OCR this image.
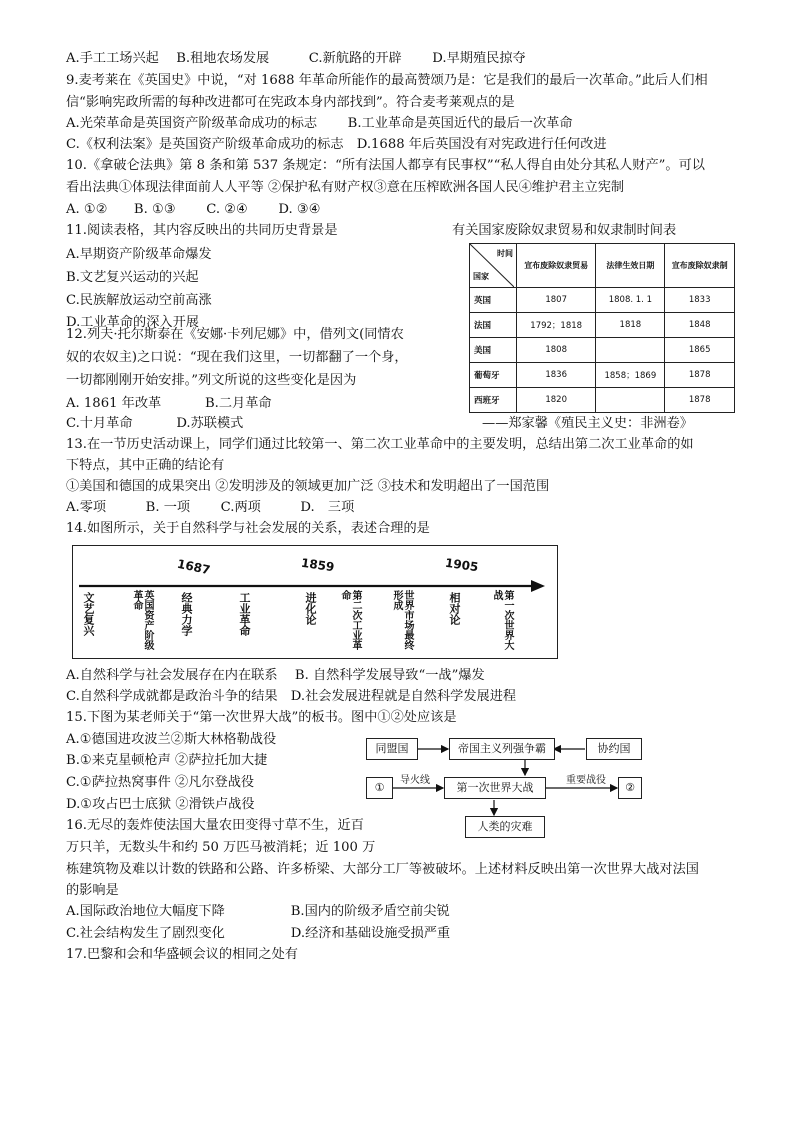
A.手工工场兴起　 B.租地农场发展　　　C.新航路的开辟　　 D.早期殖民掠夺
9.麦考莱在《英国史》中说，“对 1688 年革命所能作的最高赞颂乃是：它是我们的最后一次革命。”此后人们相
信“影响宪政所需的每种改进都可在宪政本身内部找到”。符合麦考莱观点的是
A.光荣革命是英国资产阶级革命成功的标志　　 B.工业革命是英国近代的最后一次革命
C.《权利法案》是英国资产阶级革命成功的标志　D.1688 年后英国没有对宪政进行任何改进
10.《拿破仑法典》第 8 条和第 537 条规定：“所有法国人都享有民事权”“私人得自由处分其私人财产”。可以
看出法典①体现法律面前人人平等 ②保护私有财产权③意在压榨欧洲各国人民④维护君主立宪制
A. ①②　　B. ①③　　 C. ②④　　 D. ③④
11.阅读表格，其内容反映出的共同历史背景是	有关国家废除奴隶贸易和奴隶制时间表
A.早期资产阶级革命爆发
B.文艺复兴运动的兴起
C.民族解放运动空前高涨
D.工业革命的深入开展
12.列夫·托尔斯泰在《安娜·卡列尼娜》中，借列文(同情农
奴的农奴主)之口说：“现在我们这里，一切都翻了一个身，
一切都刚刚开始安排。”列文所说的这些变化是因为
A. 1861 年改革　　　 B.二月革命
C.十月革命　　　 D.苏联模式	——郑家馨《殖民主义史：非洲卷》
时间
国家	宣布废除奴隶贸易	法律生效日期	宣布废除奴隶制
英国	1807	1808. 1. 1	1833
法国	1792；1818	1818	1848
美国	1808		1865
葡萄牙	1836	1858；1869	1878
西班牙	1820		1878
13.在一节历史活动课上，同学们通过比较第一、第二次工业革命中的主要发明，总结出第二次工业革命的如
下特点，其中正确的结论有
①美国和德国的成果突出 ②发明涉及的领域更加广泛 ③技术和发明超出了一国范围
A.零项　　　B. 一项　　 C.两项　　　D.　三项
14.如图所示，关于自然科学与社会发展的关系，表述合理的是
1687	1859	1905
文艺复兴	英国资产阶级革命	经典力学	工业革命	进化论	第二次工业革命	世界市场最终形成	相对论	第一次世界大战
A.自然科学与社会发展存在内在联系　 B. 自然科学发展导致“一战”爆发
C.自然科学成就都是政治斗争的结果　D.社会发展进程就是自然科学发展进程
15.下图为某老师关于“第一次世界大战”的板书。图中①②处应该是
A.①德国进攻波兰②斯大林格勒战役
B.①来克星顿枪声 ②萨拉托加大捷
C.①萨拉热窝事件 ②凡尔登战役
D.①攻占巴士底狱 ②滑铁卢战役
16.无尽的轰炸使法国大量农田变得寸草不生，近百
万只羊，无数头牛和约 50 万匹马被消耗；近 100 万
栋建筑物及难以计数的铁路和公路、许多桥梁、大部分工厂等被破坏。上述材料反映出第一次世界大战对法国
的影响是
A.国际政治地位大幅度下降　　　　　B.国内的阶级矛盾空前尖锐
C.社会结构发生了剧烈变化　　　　　D.经济和基础设施受损严重
17.巴黎和会和华盛顿会议的相同之处有
同盟国	帝国主义列强争霸	协约国
①
导火线
第一次世界大战
重要战役
②
人类的灾难
